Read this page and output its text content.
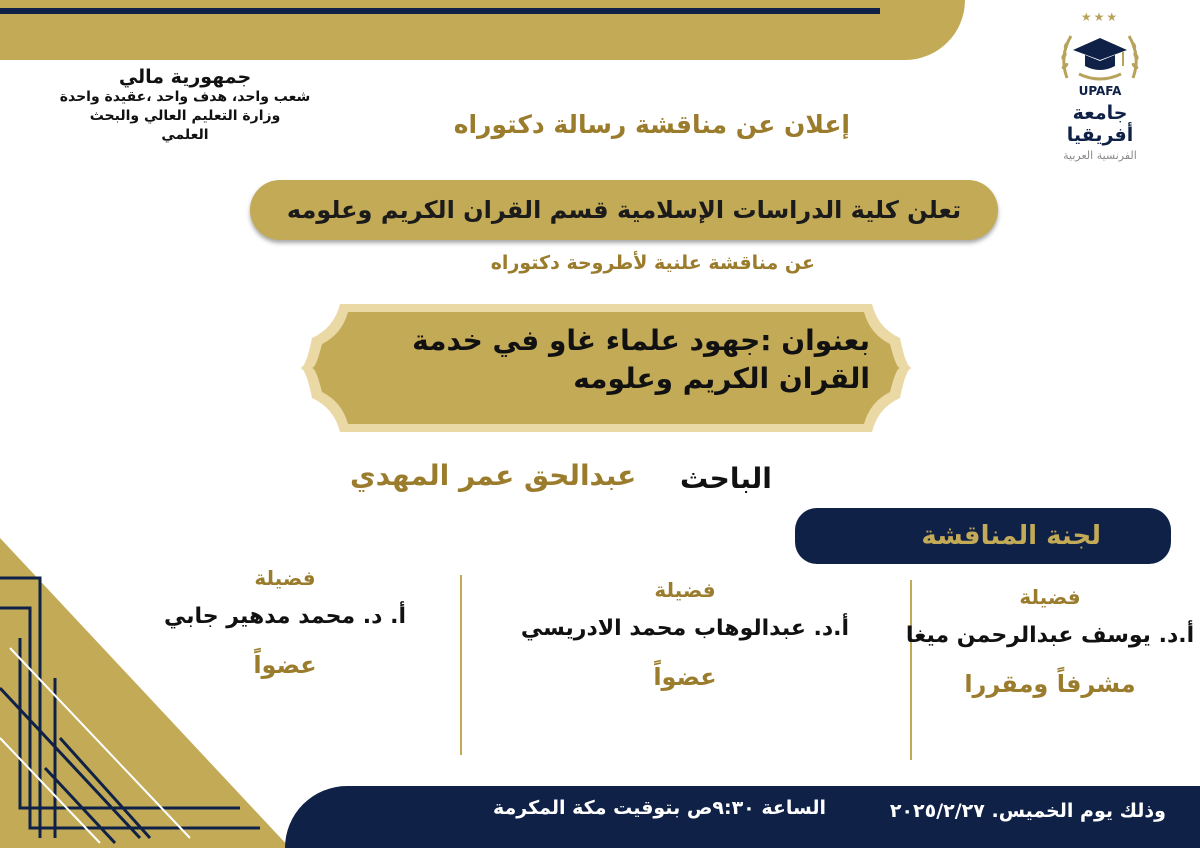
★★★
UPAFA
جامعة أفريقيا
الفرنسية العربية
جمهورية مالي
شعب واحد، هدف واحد ،عقيدة واحدة
وزارة التعليم العالي والبحث
العلمي	إعلان عن مناقشة رسالة دكتوراه
تعلن كلية الدراسات الإسلامية قسم القران الكريم وعلومه
عن مناقشة علنية لأطروحة دكتوراه
بعنوان :جهود علماء غاو في خدمة القران الكريم وعلومه
الباحث
عبدالحق عمر المهدي
لجنة المناقشة
فضيلة
أ.د. يوسف عبدالرحمن ميغا
مشرفاً ومقررا
فضيلة
أ.د. عبدالوهاب محمد الادريسي
عضواً
فضيلة
أ. د. محمد مدهير جابي
عضواً
وذلك يوم الخميس. ٢٠٢٥/٢/٢٧
الساعة ٩:٣٠ص بتوقيت مكة المكرمة
